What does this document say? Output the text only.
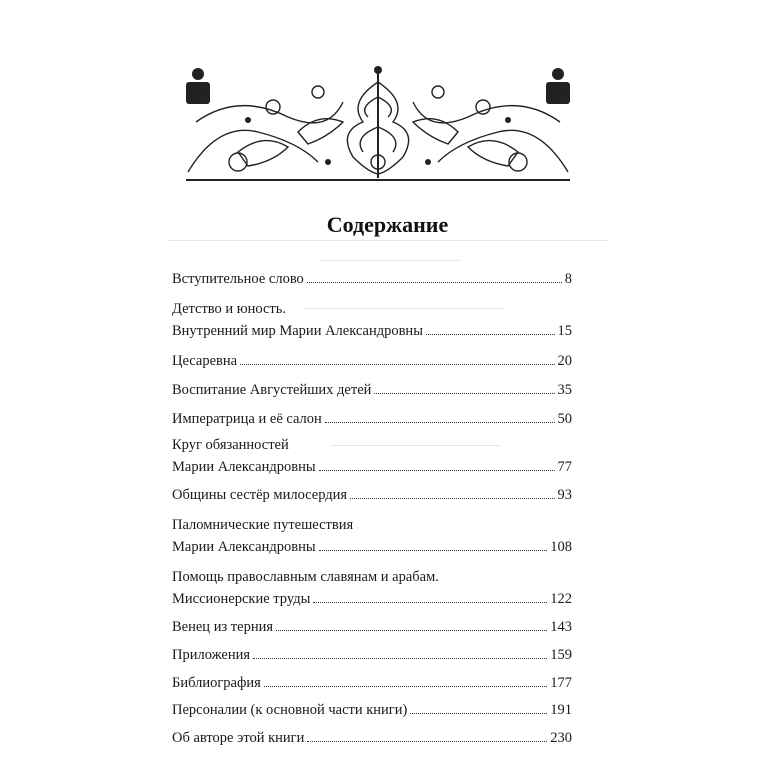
Содержание
Вступительное слово	8
Детство и юность.
Внутренний мир Марии Александровны	15
Цесаревна	20
Воспитание Августейших детей	35
Императрица и её салон	50
Круг обязанностей
Марии Александровны	77
Общины сестёр милосердия	93
Паломнические путешествия
Марии Александровны	108
Помощь православным славянам и арабам.
Миссионерские труды	122
Венец из терния	143
Приложения	159
Библиография	177
Персоналии (к основной части книги)	191
Об авторе этой книги	230
